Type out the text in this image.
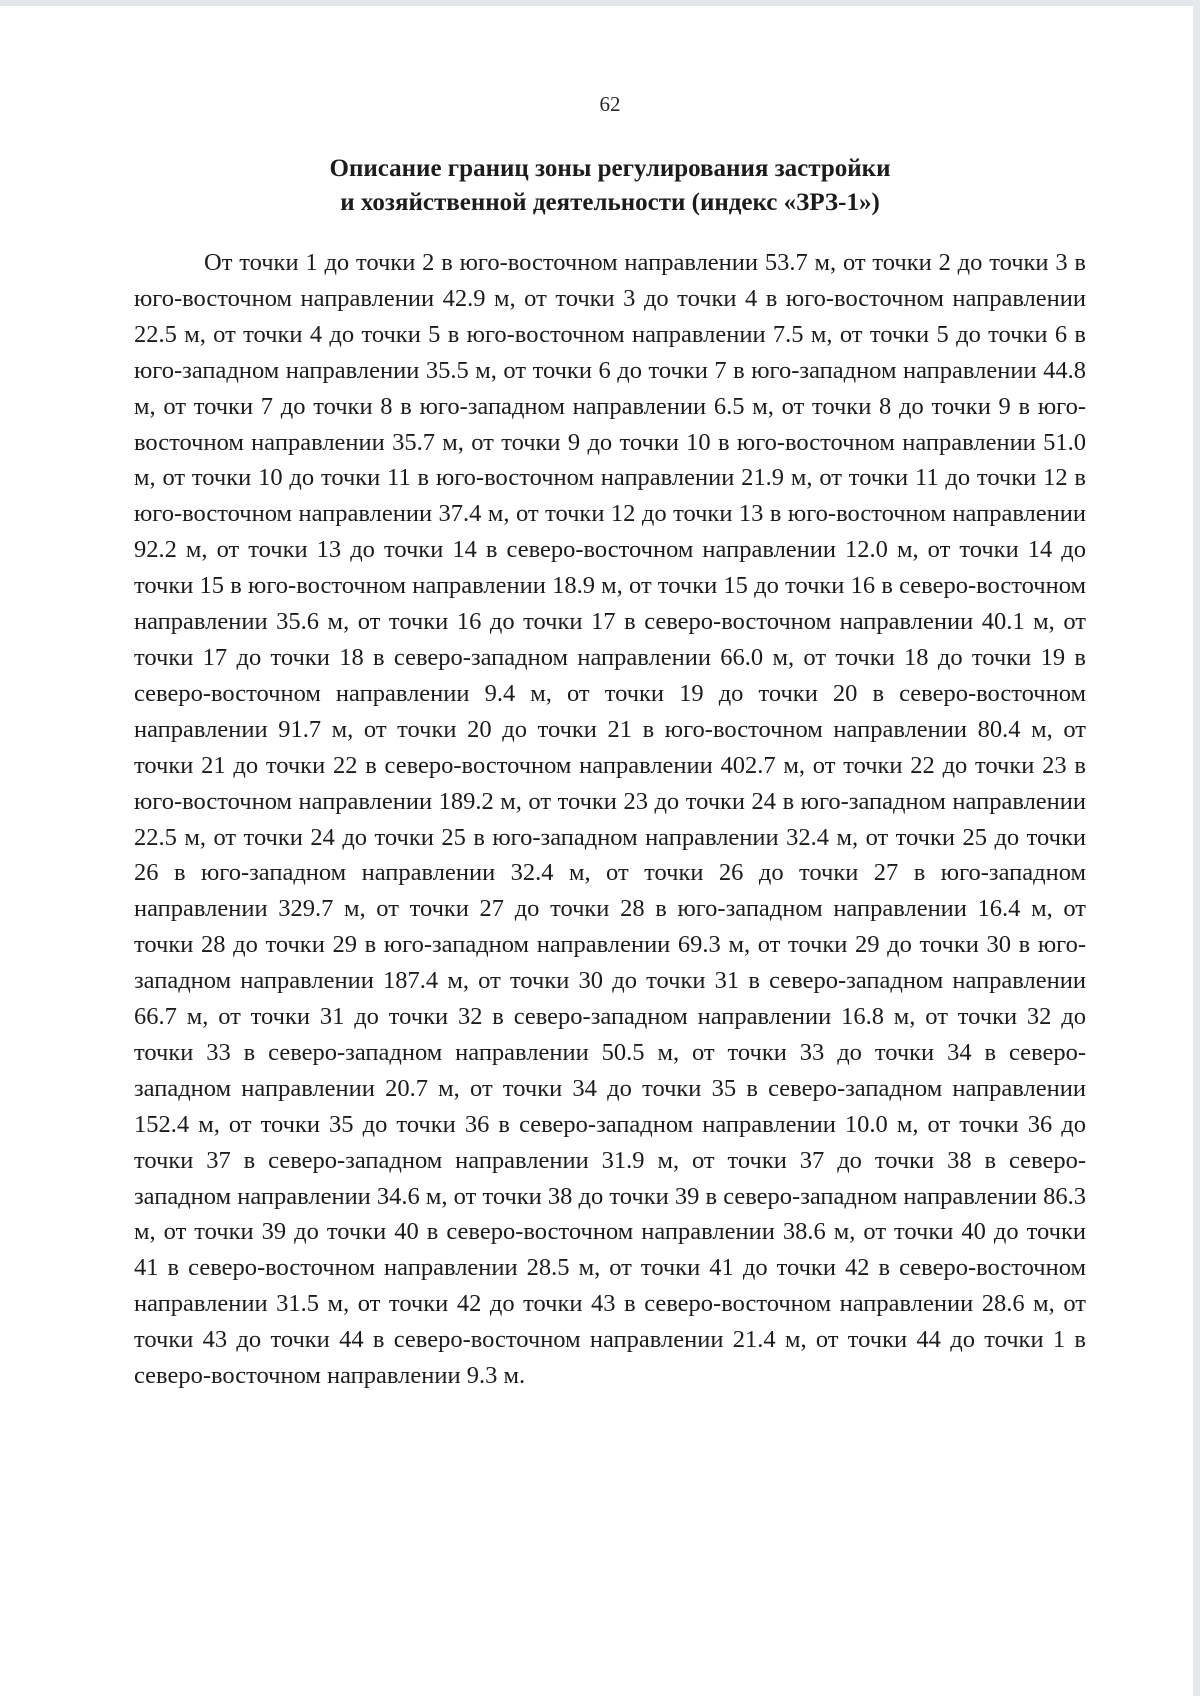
62
Описание границ зоны регулирования застройки
и хозяйственной деятельности (индекс «ЗРЗ-1»)

От точки 1 до точки 2 в юго-восточном направлении 53.7 м, от точки 2 до точки 3 в юго-восточном направлении 42.9 м, от точки 3 до точки 4 в юго-восточном направлении 22.5 м, от точки 4 до точки 5 в юго-восточном направлении 7.5 м, от точки 5 до точки 6 в юго-западном направлении 35.5 м, от точки 6 до точки 7 в юго-западном направлении 44.8 м, от точки 7 до точки 8 в юго-западном направлении 6.5 м, от точки 8 до точки 9 в юго-восточном направлении 35.7 м, от точки 9 до точки 10 в юго-восточном направлении 51.0 м, от точки 10 до точки 11 в юго-восточном направлении 21.9 м, от точки 11 до точки 12 в юго-восточном направлении 37.4 м, от точки 12 до точки 13 в юго-восточном направлении 92.2 м, от точки 13 до точки 14 в северо-восточном направлении 12.0 м, от точки 14 до точки 15 в юго-восточном направлении 18.9 м, от точки 15 до точки 16 в северо-восточном направлении 35.6 м, от точки 16 до точки 17 в северо-восточном направлении 40.1 м, от точки 17 до точки 18 в северо-западном направлении 66.0 м, от точки 18 до точки 19 в северо-восточном направлении 9.4 м, от точки 19 до точки 20 в северо-восточном направлении 91.7 м, от точки 20 до точки 21 в юго-восточном направлении 80.4 м, от точки 21 до точки 22 в северо-восточном направлении 402.7 м, от точки 22 до точки 23 в юго-восточном направлении 189.2 м, от точки 23 до точки 24 в юго-западном направлении 22.5 м, от точки 24 до точки 25 в юго-западном направлении 32.4 м, от точки 25 до точки 26 в юго-западном направлении 32.4 м, от точки 26 до точки 27 в юго-западном направлении 329.7 м, от точки 27 до точки 28 в юго-западном направлении 16.4 м, от точки 28 до точки 29 в юго-западном направлении 69.3 м, от точки 29 до точки 30 в юго-западном направлении 187.4 м, от точки 30 до точки 31 в северо-западном направлении 66.7 м, от точки 31 до точки 32 в северо-западном направлении 16.8 м, от точки 32 до точки 33 в северо-западном направлении 50.5 м, от точки 33 до точки 34 в северо-западном направлении 20.7 м, от точки 34 до точки 35 в северо-западном направлении 152.4 м, от точки 35 до точки 36 в северо-западном направлении 10.0 м, от точки 36 до точки 37 в северо-западном направлении 31.9 м, от точки 37 до точки 38 в северо-западном направлении 34.6 м, от точки 38 до точки 39 в северо-западном направлении 86.3 м, от точки 39 до точки 40 в северо-восточном направлении 38.6 м, от точки 40 до точки 41 в северо-восточном направлении 28.5 м, от точки 41 до точки 42 в северо-восточном направлении 31.5 м, от точки 42 до точки 43 в северо-восточном направлении 28.6 м, от точки 43 до точки 44 в северо-восточном направлении 21.4 м, от точки 44 до точки 1 в северо-восточном направлении 9.3 м.
